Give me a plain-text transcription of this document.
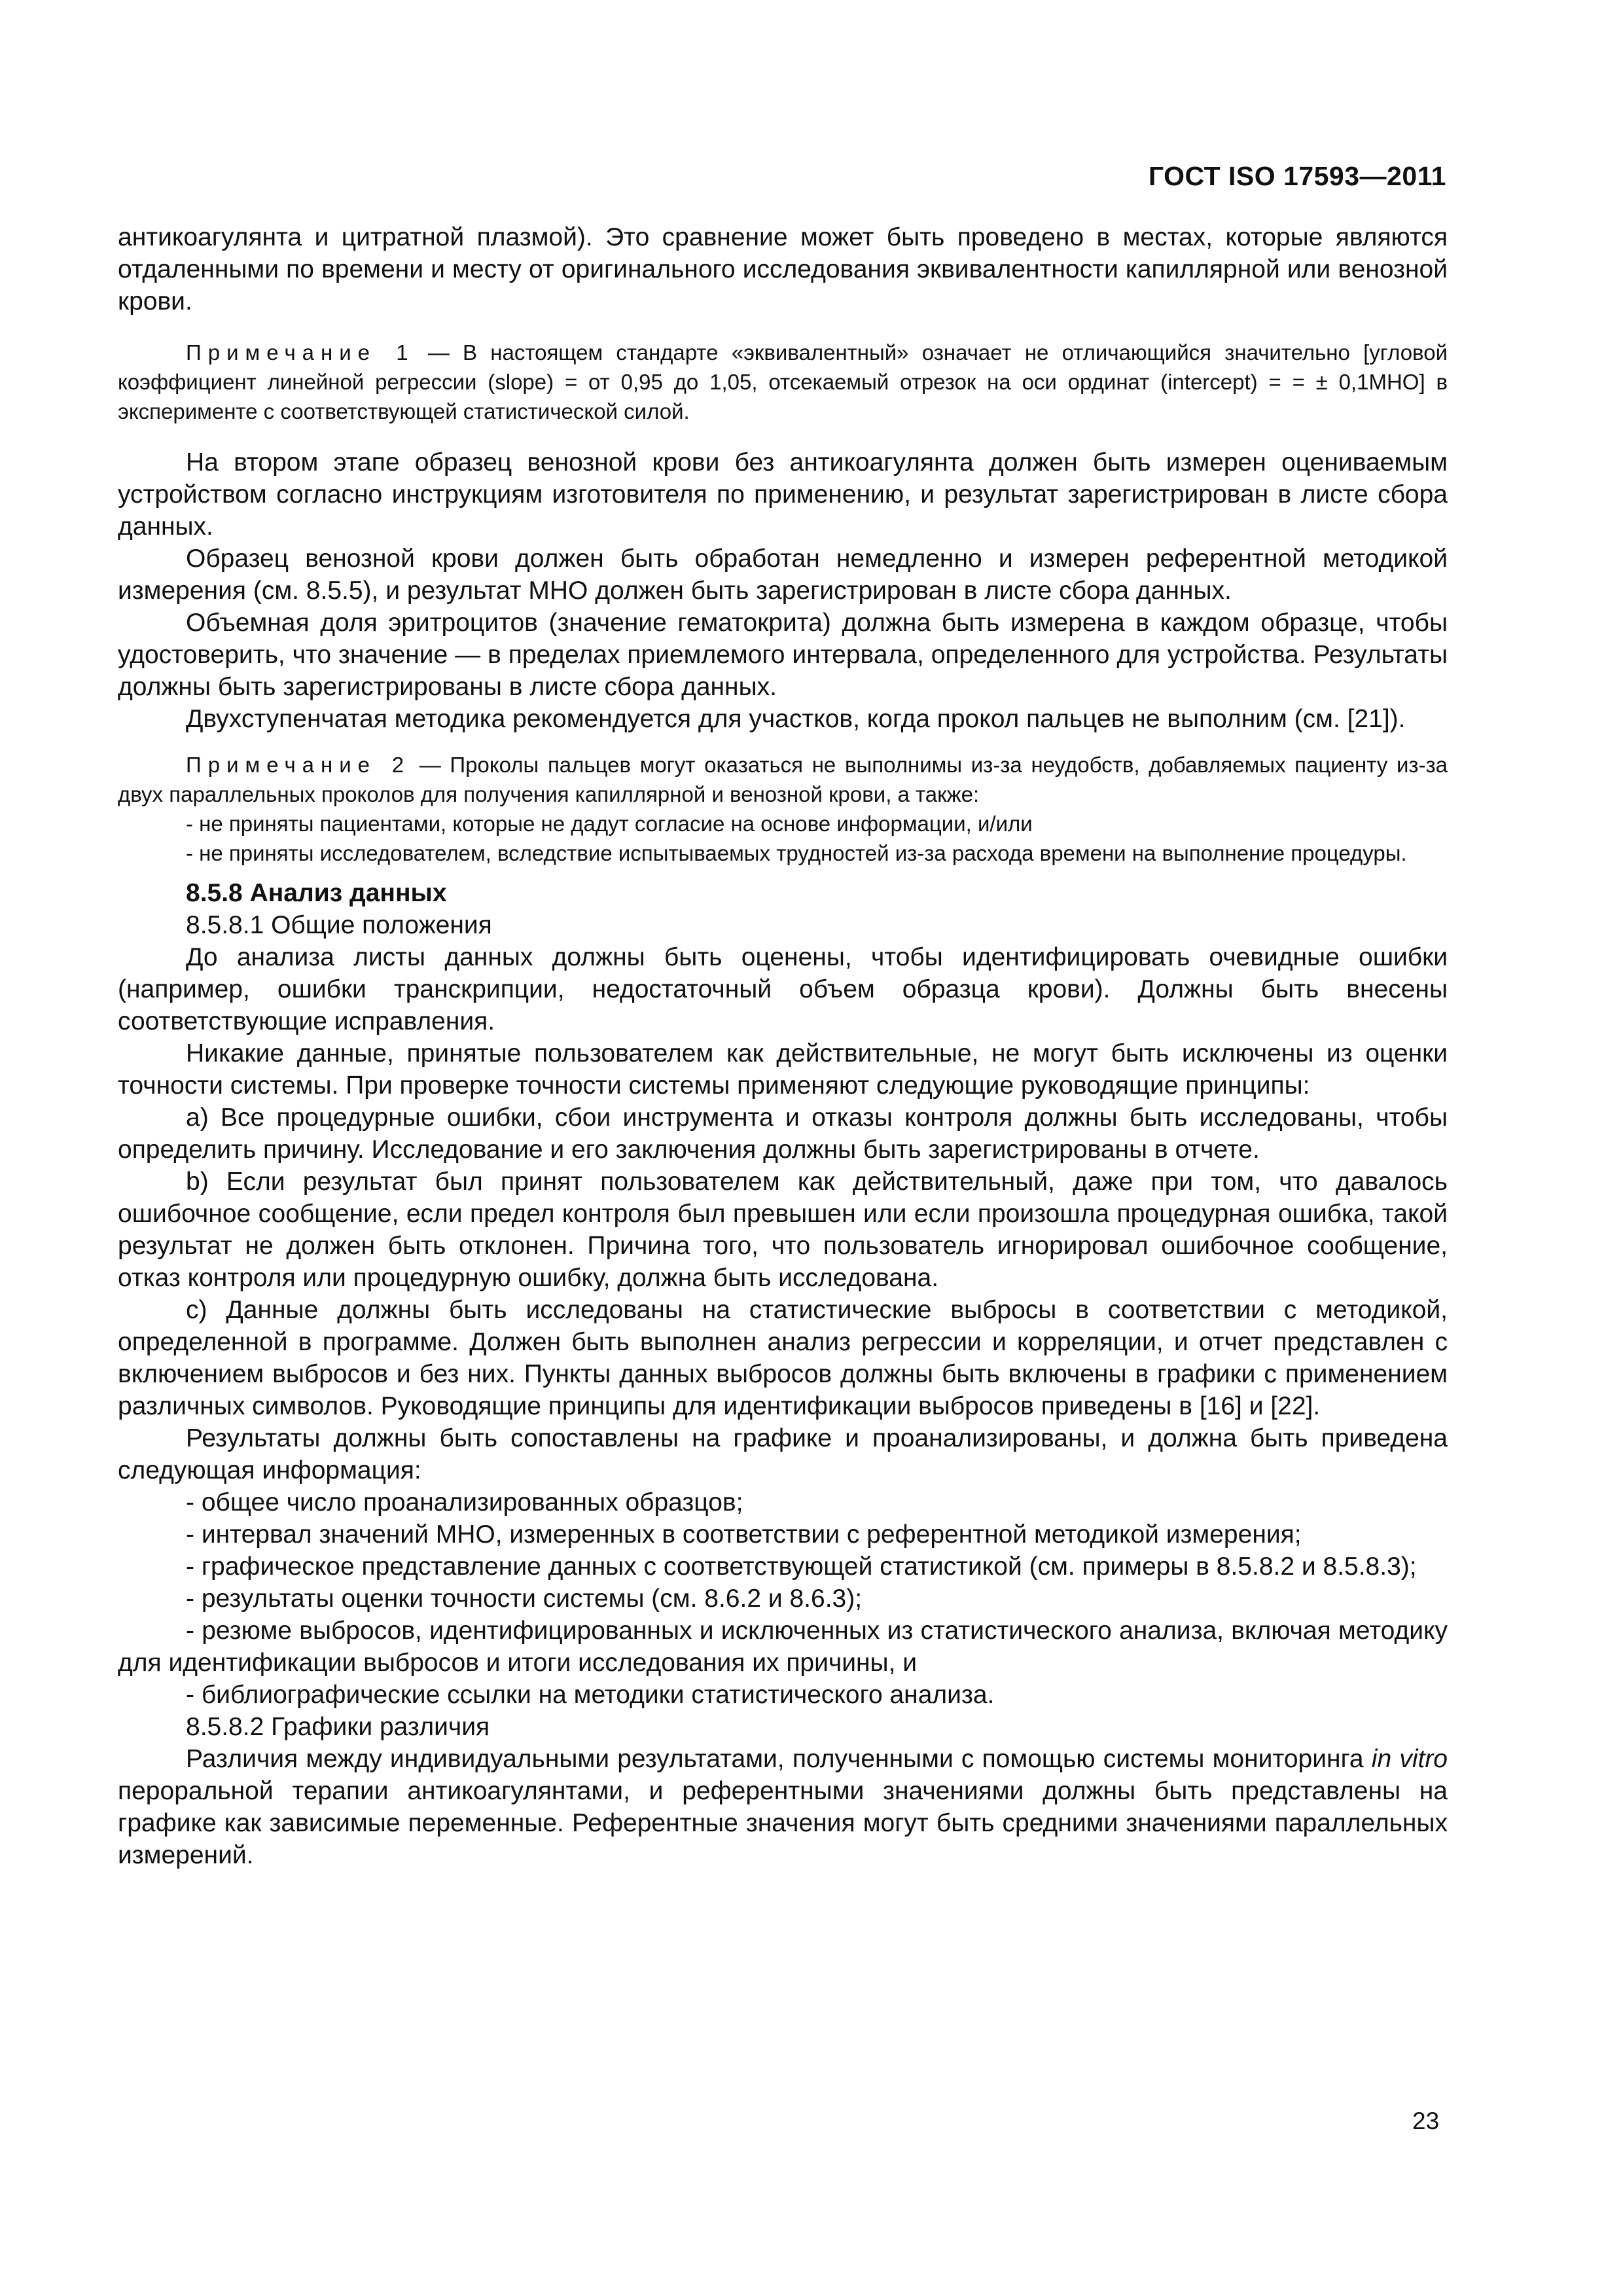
ГОСТ ISO 17593—2011

антикоагулянта и цитратной плазмой). Это сравнение может быть проведено в местах, которые являются отдаленными по времени и месту от оригинального исследования эквивалентности капиллярной или венозной крови.

Примечание 1 — В настоящем стандарте «эквивалентный» означает не отличающийся значительно [угловой коэффициент линейной регрессии (slope) = от 0,95 до 1,05, отсекаемый отрезок на оси ординат (intercept) = = ± 0,1МНО] в эксперименте с соответствующей статистической силой.

На втором этапе образец венозной крови без антикоагулянта должен быть измерен оцениваемым устройством согласно инструкциям изготовителя по применению, и результат зарегистрирован в листе сбора данных.

Образец венозной крови должен быть обработан немедленно и измерен референтной методикой измерения (см. 8.5.5), и результат МНО должен быть зарегистрирован в листе сбора данных.

Объемная доля эритроцитов (значение гематокрита) должна быть измерена в каждом образце, чтобы удостоверить, что значение — в пределах приемлемого интервала, определенного для устройства. Результаты должны быть зарегистрированы в листе сбора данных.

Двухступенчатая методика рекомендуется для участков, когда прокол пальцев не выполним (см. [21]).

Примечание 2 — Проколы пальцев могут оказаться не выполнимы из-за неудобств, добавляемых пациенту из-за двух параллельных проколов для получения капиллярной и венозной крови, а также:

- не приняты пациентами, которые не дадут согласие на основе информации, и/или

- не приняты исследователем, вследствие испытываемых трудностей из-за расхода времени на выполнение процедуры.

8.5.8 Анализ данных

8.5.8.1 Общие положения

До анализа листы данных должны быть оценены, чтобы идентифицировать очевидные ошибки (например, ошибки транскрипции, недостаточный объем образца крови). Должны быть внесены соответствующие исправления.

Никакие данные, принятые пользователем как действительные, не могут быть исключены из оценки точности системы. При проверке точности системы применяют следующие руководящие принципы:

a) Все процедурные ошибки, сбои инструмента и отказы контроля должны быть исследованы, чтобы определить причину. Исследование и его заключения должны быть зарегистрированы в отчете.

b) Если результат был принят пользователем как действительный, даже при том, что давалось ошибочное сообщение, если предел контроля был превышен или если произошла процедурная ошибка, такой результат не должен быть отклонен. Причина того, что пользователь игнорировал ошибочное сообщение, отказ контроля или процедурную ошибку, должна быть исследована.

c) Данные должны быть исследованы на статистические выбросы в соответствии с методикой, определенной в программе. Должен быть выполнен анализ регрессии и корреляции, и отчет представлен с включением выбросов и без них. Пункты данных выбросов должны быть включены в графики с применением различных символов. Руководящие принципы для идентификации выбросов приведены в [16] и [22].

Результаты должны быть сопоставлены на графике и проанализированы, и должна быть приведена следующая информация:

- общее число проанализированных образцов;

- интервал значений МНО, измеренных в соответствии с референтной методикой измерения;

- графическое представление данных с соответствующей статистикой (см. примеры в 8.5.8.2 и 8.5.8.3);

- результаты оценки точности системы (см. 8.6.2 и 8.6.3);

- резюме выбросов, идентифицированных и исключенных из статистического анализа, включая методику для идентификации выбросов и итоги исследования их причины, и

- библиографические ссылки на методики статистического анализа.

8.5.8.2 Графики различия

Различия между индивидуальными результатами, полученными с помощью системы мониторинга in vitro пероральной терапии антикоагулянтами, и референтными значениями должны быть представлены на графике как зависимые переменные. Референтные значения могут быть средними значениями параллельных измерений.

23
